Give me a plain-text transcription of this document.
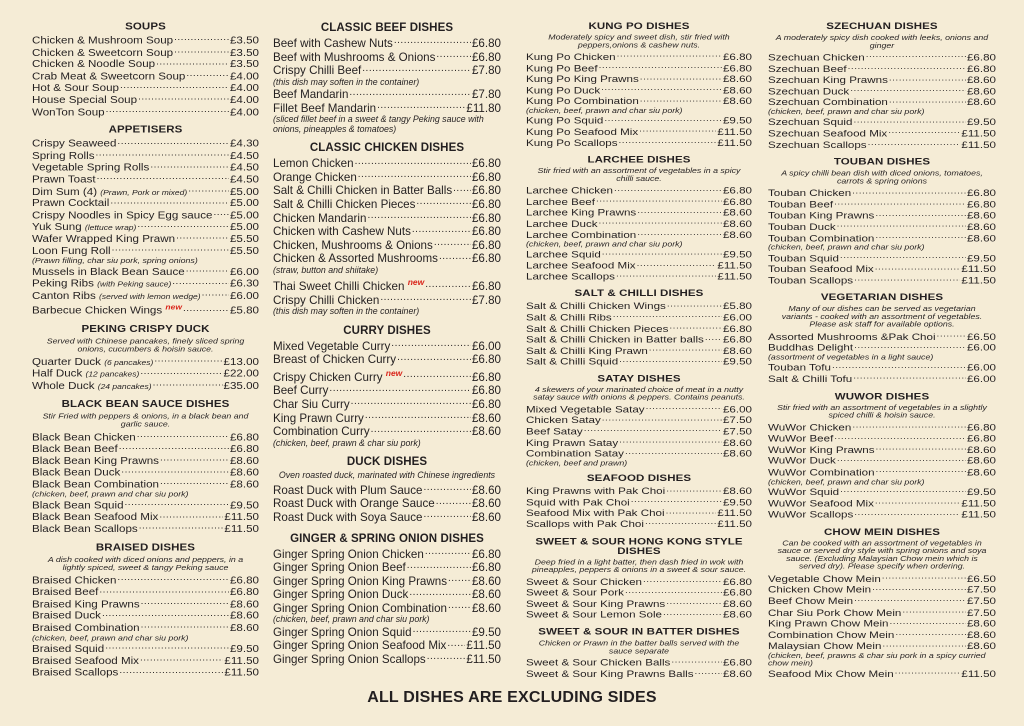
SOUPS
Chicken & Mushroom Soup .....	£3.50
Chicken & Sweetcorn Soup .....	£3.50
Chicken & Noodle Soup .....	£3.50
Crab Meat & Sweetcorn Soup .....	£4.00
Hot & Sour Soup .....	£4.00
House Special Soup .....	£4.00
WonTon Soup .....	£4.00
APPETISERS
Crispy Seaweed .....	£4.30
Spring Rolls .....	£4.50
Vegetable Spring Rolls .....	£4.50
Prawn Toast .....	£4.50
Dim Sum (4) (Prawn, Pork or mixed) .....	£5.00
Prawn Cocktail .....	£5.00
Crispy Noodles in Spicy Egg sauce ..... £5.00
Yuk Sung (lettuce wrap) .....	£5.00
Wafer Wrapped King Prawn .....	£5.50
Loon Fung Roll .....	£5.50
(Prawn filling, char siu pork, spring onions)
Mussels in Black Bean Sauce .....	£6.00
Peking Ribs (with Peking sauce) .....	£6.30
Canton Ribs (served with lemon wedge) .....	£6.00
Barbecue Chicken Wings $^{new}$ .....	£5.80
PEKING CRISPY DUCK
Served with Chinese pancakes, finely sliced spring onions, cucumbers & hoisin sauce.
Quarter Duck (6 pancakes) .....	£13.00
Half Duck (12 pancakes) .....	£22.00
Whole Duck (24 pancakes) .....	£35.00
BLACK BEAN SAUCE DISHES
Stir Fried with peppers & onions, in a black bean and garlic sauce.
Black Bean Chicken .....	£6.80
Black Bean Beef .....	£6.80
Black Bean King Prawns .....	£8.60
Black Bean Duck .....	£8.60
Black Bean Combination .....	£8.60
(chicken, beef, prawn and char siu pork)
Black Bean Squid .....	£9.50
Black Bean Seafood Mix .....	£11.50
Black Bean Scallops .....	£11.50
BRAISED DISHES
A dish cooked with diced onions and peppers, in a lightly spiced, sweet & tangy Peking sauce
Braised Chicken .....	£6.80
Braised Beef .....	£6.80
Braised King Prawns .....	£8.60
Braised Duck .....	£8.60
Braised Combination .....	£8.60
(chicken, beef, prawn and char siu pork)
Braised Squid .....	£9.50
Braised Seafood Mix .....	£11.50
Braised Scallops .....	£11.50
CLASSIC BEEF DISHES
Beef with Cashew Nuts .....	£6.80
Beef with Mushrooms & Onions .....	£6.80
Crispy Chilli Beef .....	£7.80
(this dish may soften in the container)
Beef Mandarin .....	£7.80
Fillet Beef Mandarin .....	£11.80
(sliced fillet beef in a sweet & tangy Peking sauce with onions, pineapples & tomatoes)
CLASSIC CHICKEN DISHES
Lemon Chicken .....	£6.80
Orange Chicken .....	£6.80
Salt & Chilli Chicken in Batter Balls ..... £6.80
Salt & Chilli Chicken Pieces .....	£6.80
Chicken Mandarin .....	£6.80
Chicken with Cashew Nuts .....	£6.80
Chicken, Mushrooms & Onions .....	£6.80
Chicken & Assorted Mushrooms .....	£6.80
(straw, button and shiitake)
Thai Sweet Chilli Chicken $^{new}$ .....	£6.80
Crispy Chilli Chicken .....	£7.80
(this dish may soften in the container)
CURRY DISHES
Mixed Vegetable Curry .....	£6.00
Breast of Chicken Curry .....	£6.80
Crispy Chicken Curry $^{new}$ .....	£6.80
Beef Curry .....	£6.80
Char Siu Curry .....	£6.80
King Prawn Curry .....	£8.60
Combination Curry .....	£8.60
(chicken, beef, prawn & char siu pork)
DUCK DISHES
Oven roasted duck, marinated with Chinese ingredients
Roast Duck with Plum Sauce .....	£8.60
Roast Duck with Orange Sauce .....	£8.60
Roast Duck with Soya Sauce .....	£8.60
GINGER & SPRING ONION DISHES
Ginger Spring Onion Chicken .....	£6.80
Ginger Spring Onion Beef .....	£6.80
Ginger Spring Onion King Prawns ..... £8.60
Ginger Spring Onion Duck .....	£8.60
Ginger Spring Onion Combination ..... £8.60
(chicken, beef, prawn and char siu pork)
Ginger Spring Onion Squid .....	£9.50
Ginger Spring Onion Seafood Mix ..... £11.50
Ginger Spring Onion Scallops .....	£11.50
KUNG PO DISHES
Moderately spicy and sweet dish, stir fried with peppers,onions & cashew nuts.
Kung Po Chicken .....	£6.80
Kung Po Beef .....	£6.80
Kung Po King Prawns .....	£8.60
Kung Po Duck .....	£8.60
Kung Po Combination .....	£8.60
(chicken, beef, prawn and char siu pork)
Kung Po Squid .....	£9.50
Kung Po Seafood Mix .....	£11.50
Kung Po Scallops .....	£11.50
LARCHEE DISHES
Stir fried with an assortment of vegetables in a spicy chilli sauce.
Larchee Chicken .....	£6.80
Larchee Beef .....	£6.80
Larchee King Prawns .....	£8.60
Larchee Duck .....	£8.60
Larchee Combination .....	£8.60
(chicken, beef, prawn and char siu pork)
Larchee Squid .....	£9.50
Larchee Seafood Mix .....	£11.50
Larchee Scallops .....	£11.50
SALT & CHILLI DISHES
Salt & Chilli Chicken Wings .....	£5.80
Salt & Chilli Ribs .....	£6.00
Salt & Chilli Chicken Pieces .....	£6.80
Salt & Chilli Chicken in Batter balls ..... £6.80
Salt & Chilli King Prawn .....	£8.60
Salt & Chilli Squid .....	£9.50
SATAY DISHES
4 skewers of your marinated choice of meat in a nutty satay sauce with onions & peppers. Contains peanuts.
Mixed Vegetable Satay .....	£6.00
Chicken Satay .....	£7.50
Beef Satay .....	£7.50
King Prawn Satay .....	£8.60
Combination Satay .....	£8.60
(chicken, beef and prawn)
SEAFOOD DISHES
King Prawns with Pak Choi .....	£8.60
Squid with Pak Choi .....	£9.50
Seafood Mix with Pak Choi .....	£11.50
Scallops with Pak Choi .....	£11.50
SWEET & SOUR HONG KONG STYLE DISHES
Deep fried in a light batter, then dash fried in wok with pineapples, peppers & onions in a sweet & sour sauce.
Sweet & Sour Chicken .....	£6.80
Sweet & Sour Pork .....	£6.80
Sweet & Sour King Prawns .....	£8.60
Sweet & Sour Lemon Sole .....	£8.60
SWEET & SOUR IN BATTER DISHES
Chicken or Prawn in the batter balls served with the sauce separate
Sweet & Sour Chicken Balls .....	£6.80
Sweet & Sour King Prawns Balls .....	£8.60
SZECHUAN DISHES
A moderately spicy dish cooked with leeks, onions and ginger
Szechuan Chicken .....	£6.80
Szechuan Beef .....	£6.80
Szechuan King Prawns .....	£8.60
Szechuan Duck .....	£8.60
Szechuan Combination .....	£8.60
(chicken, beef, prawn and char siu pork)
Szechuan Squid .....	£9.50
Szechuan Seafood Mix .....	£11.50
Szechuan Scallops .....	£11.50
TOUBAN DISHES
A spicy chilli bean dish with diced onions, tomatoes, carrots & spring onions
Touban Chicken .....	£6.80
Touban Beef .....	£6.80
Touban King Prawns .....	£8.60
Touban Duck .....	£8.60
Touban Combination .....	£8.60
(chicken, beef, prawn and char siu pork)
Touban Squid .....	£9.50
Touban Seafood Mix .....	£11.50
Touban Scallops .....	£11.50
VEGETARIAN DISHES
Many of our dishes can be served as vegetarian variants - cooked with an assortment of vegetables. Please ask staff for available options.
Assorted Mushrooms &Pak Choi .....	£6.50
Buddhas Delight .....	£6.00
(assortment of vegetables in a light sauce)
Touban Tofu .....	£6.00
Salt & Chilli Tofu .....	£6.00
WUWOR DISHES
Stir fried with an assortment of vegetables in a slightly spiced chilli & hoisin sauce.
WuWor Chicken .....	£6.80
WuWor Beef .....	£6.80
WuWor King Prawns .....	£8.60
WuWor Duck .....	£8.60
WuWor Combination .....	£8.60
(chicken, beef, prawn and char siu pork)
WuWor Squid .....	£9.50
WuWor Seafood Mix .....	£11.50
WuWor Scallops .....	£11.50
CHOW MEIN DISHES
Can be cooked with an assortment of vegetables in sauce or served dry style with spring onions and soya sauce. (Excluding Malaysian Chow mein which is served dry). Please specify when ordering.
Vegetable Chow Mein .....	£6.50
Chicken Chow Mein .....	£7.50
Beef Chow Mein .....	£7.50
Char Siu Pork Chow Mein .....	£7.50
King Prawn Chow Mein .....	£8.60
Combination Chow Mein .....	£8.60
Malaysian Chow Mein .....	£8.60
(chicken, beef, prawns & char siu pork in a spicy curried chow mein)
Seafood Mix Chow Mein .....	£11.50
ALL DISHES ARE EXCLUDING SIDES
